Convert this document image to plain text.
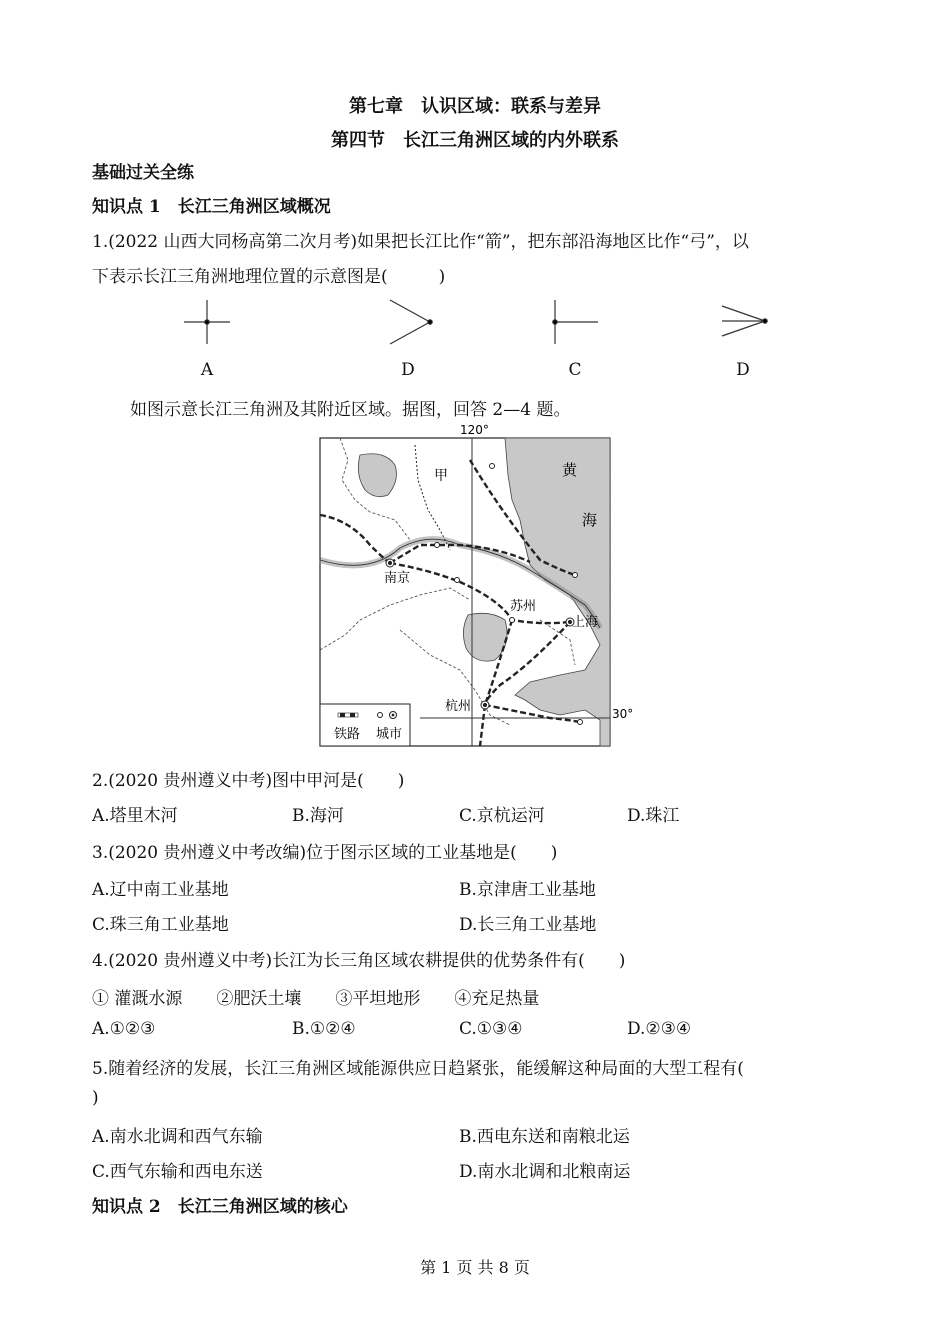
第七章　认识区域：联系与差异
第四节　长江三角洲区域的内外联系
基础过关全练
知识点 1　长江三角洲区域概况
1.(2022 山西大同杨高第二次月考)如果把长江比作“箭”，把东部沿海地区比作“弓”，以
下表示长江三角洲地理位置的示意图是(　　　)
A	D	C	D
如图示意长江三角洲及其附近区域。据图，回答 2—4 题。
120°
30°
黄
海
甲
南京
苏州
上海
杭州
铁路 城市
2.(2020 贵州遵义中考)图中甲河是(　　)
A.塔里木河	B.海河	C.京杭运河	D.珠江
3.(2020 贵州遵义中考改编)位于图示区域的工业基地是(　　)
A.辽中南工业基地	B.京津唐工业基地
C.珠三角工业基地	D.长三角工业基地
4.(2020 贵州遵义中考)长江为长三角区域农耕提供的优势条件有(　　)
① 灌溉水源　　②肥沃土壤　　③平坦地形　　④充足热量
A.①②③	B.①②④	C.①③④	D.②③④
5.随着经济的发展，长江三角洲区域能源供应日趋紧张，能缓解这种局面的大型工程有(
)
A.南水北调和西气东输	B.西电东送和南粮北运
C.西气东输和西电东送	D.南水北调和北粮南运
知识点 2　长江三角洲区域的核心
第 1 页 共 8 页
